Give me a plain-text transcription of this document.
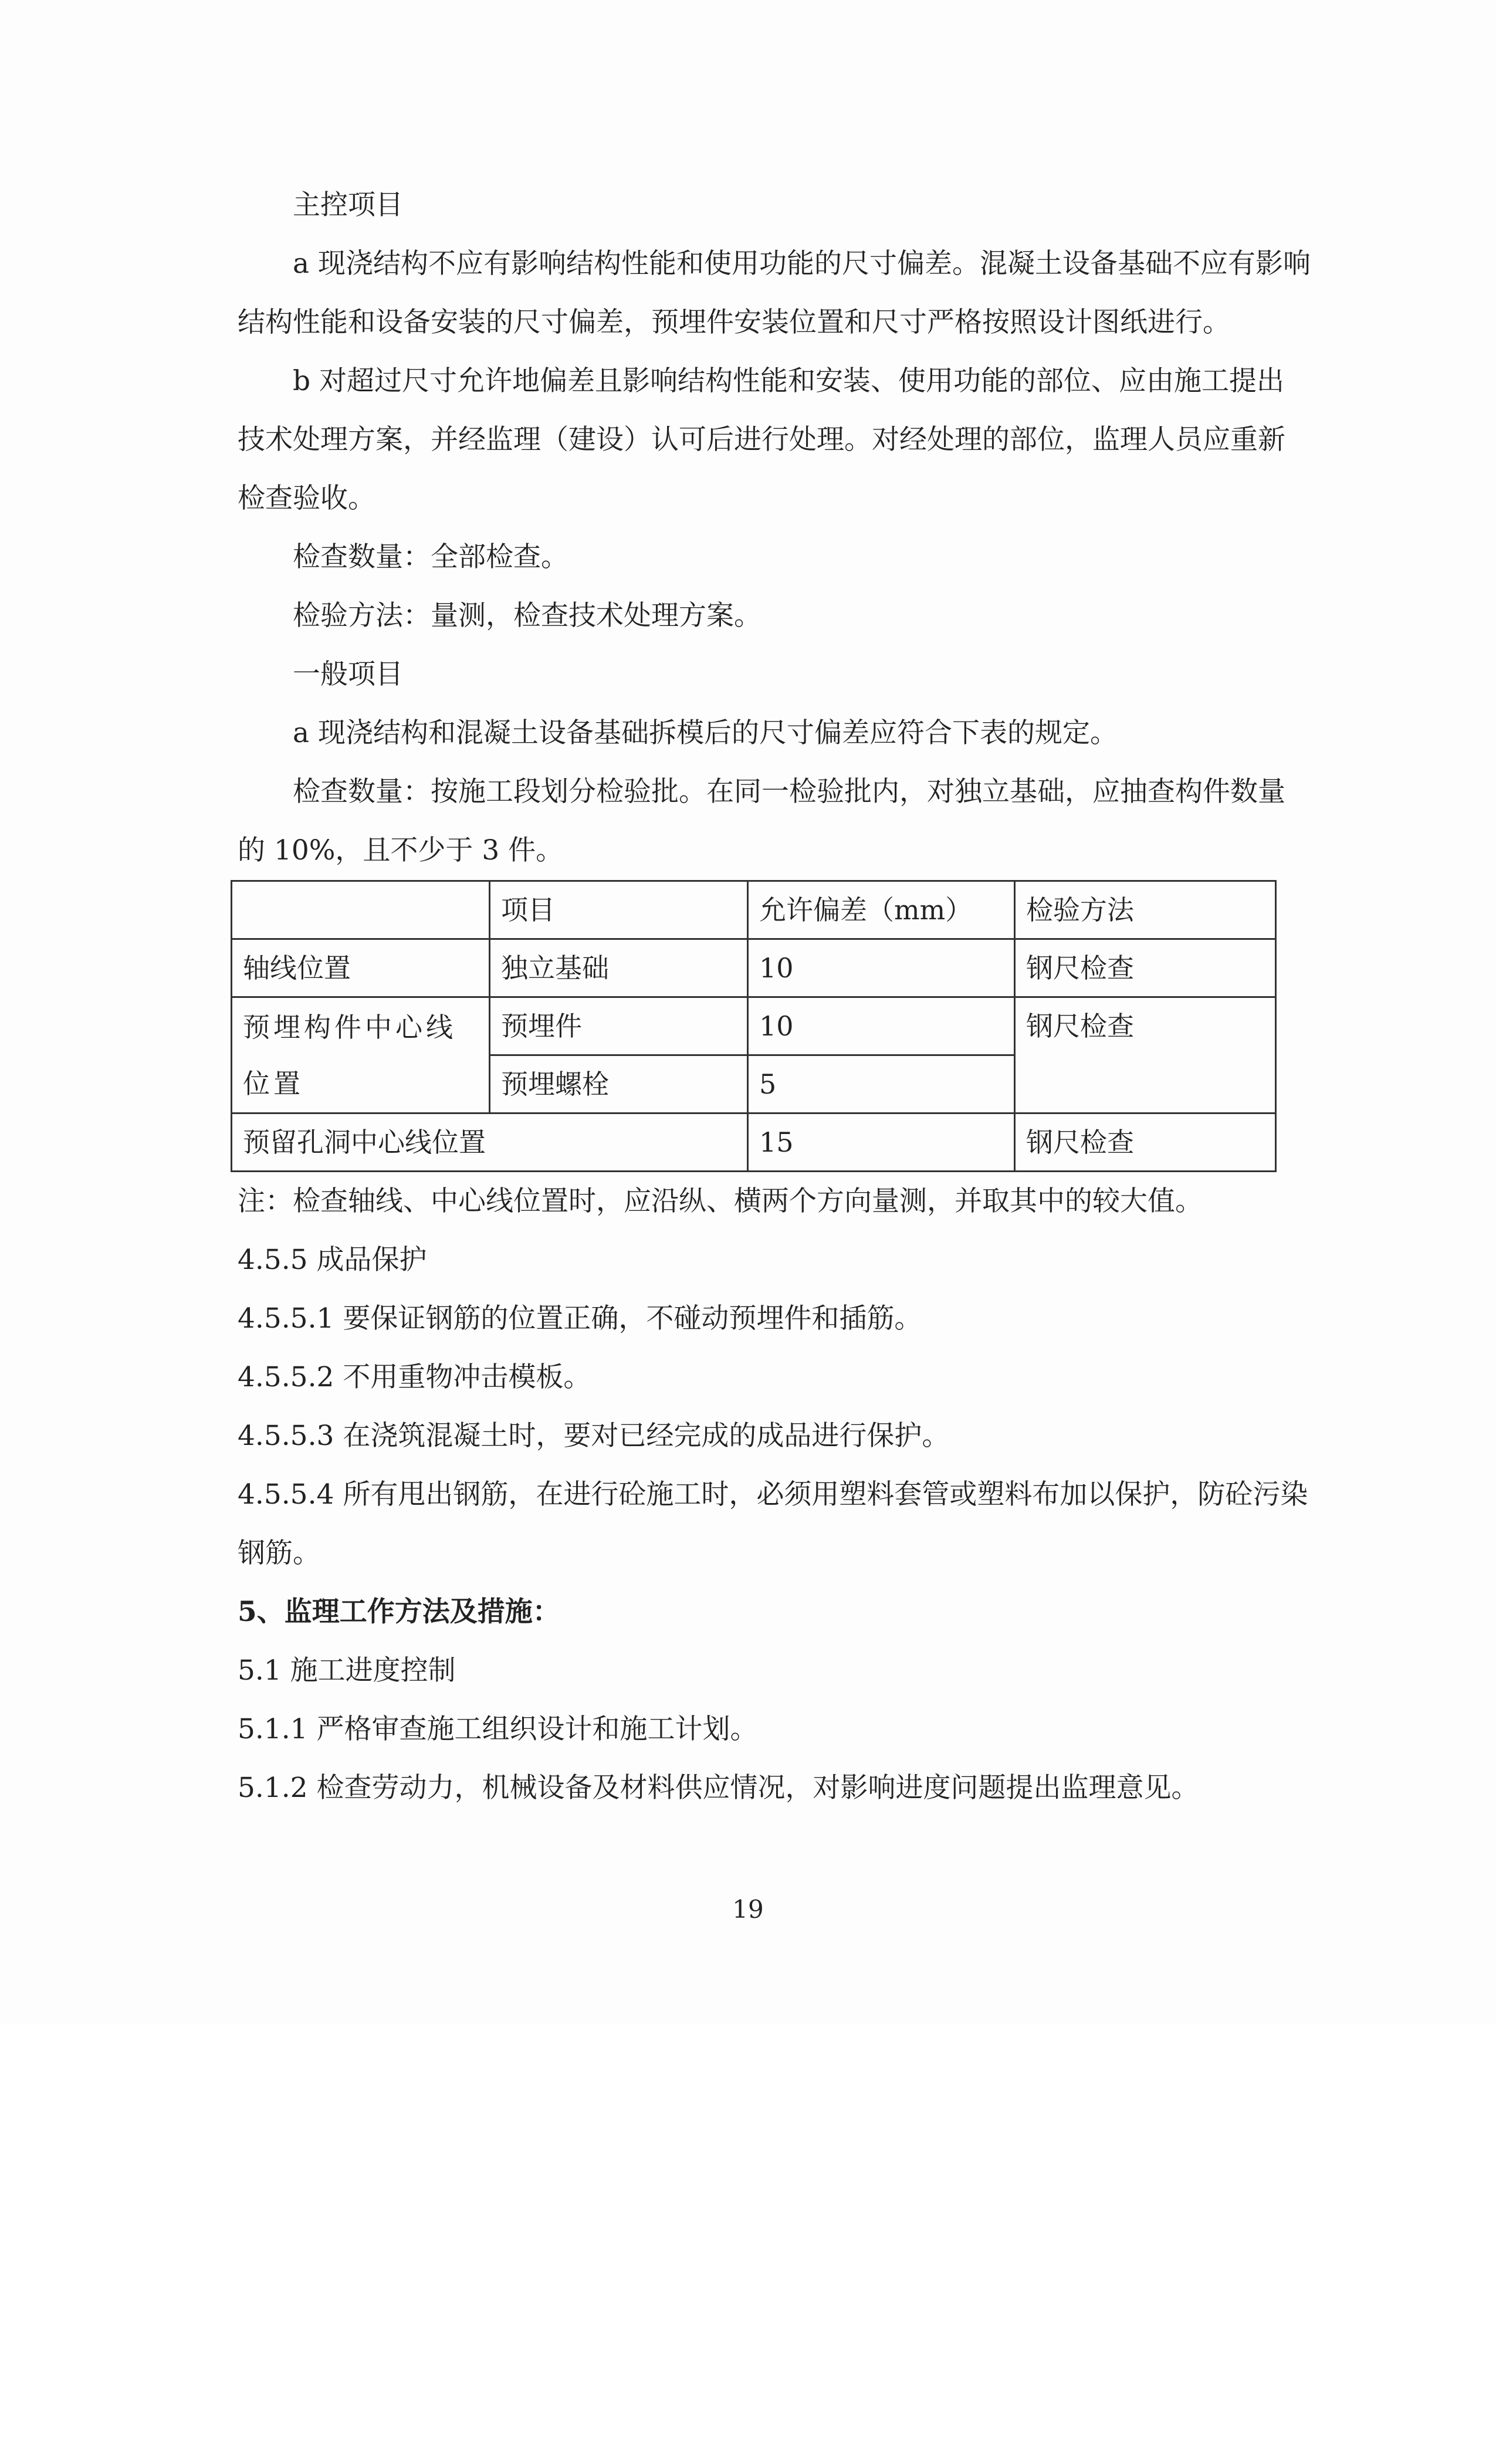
主控项目

a 现浇结构不应有影响结构性能和使用功能的尺寸偏差。混凝土设备基础不应有影响结构性能和设备安装的尺寸偏差，预埋件安装位置和尺寸严格按照设计图纸进行。

b 对超过尺寸允许地偏差且影响结构性能和安装、使用功能的部位、应由施工提出技术处理方案，并经监理（建设）认可后进行处理。对经处理的部位，监理人员应重新检查验收。

检查数量：全部检查。

检验方法：量测，检查技术处理方案。

一般项目

a 现浇结构和混凝土设备基础拆模后的尺寸偏差应符合下表的规定。

检查数量：按施工段划分检验批。在同一检验批内，对独立基础，应抽查构件数量的 10%，且不少于 3 件。

	项目	允许偏差（mm）	检验方法
轴线位置	独立基础	10	钢尺检查
预埋构件中心线位置	预埋件	10	钢尺检查
	预埋螺栓	5	
预留孔洞中心线位置		15	钢尺检查

注：检查轴线、中心线位置时，应沿纵、横两个方向量测，并取其中的较大值。

4.5.5 成品保护

4.5.5.1 要保证钢筋的位置正确，不碰动预埋件和插筋。

4.5.5.2 不用重物冲击模板。

4.5.5.3 在浇筑混凝土时，要对已经完成的成品进行保护。

4.5.5.4 所有甩出钢筋，在进行砼施工时，必须用塑料套管或塑料布加以保护，防砼污染钢筋。

5、监理工作方法及措施：

5.1 施工进度控制

5.1.1 严格审查施工组织设计和施工计划。

5.1.2 检查劳动力，机械设备及材料供应情况，对影响进度问题提出监理意见。

19
